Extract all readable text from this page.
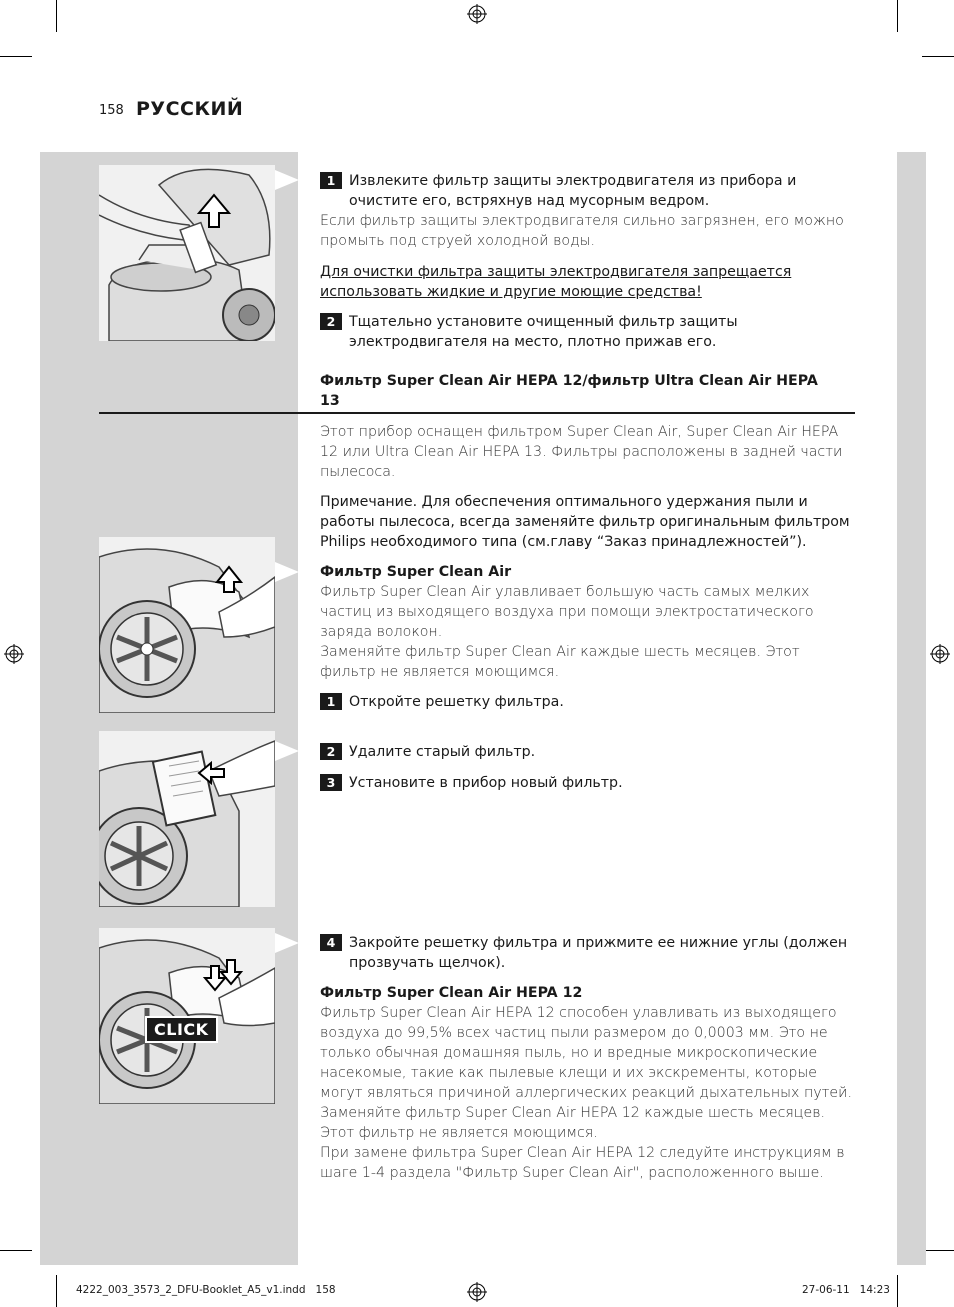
158 РУССКИЙ
1 Извлеките фильтр защиты электродвигателя из прибора и очистите его, встряхнув над мусорным ведром.
Если фильтр защиты электродвигателя сильно загрязнен, его можно промыть под струей холодной воды.
Для очистки фильтра защиты электродвигателя запрещается использовать жидкие и другие моющие средства!
2 Тщательно установите очищенный фильтр защиты электродвигателя на место, плотно прижав его.
Фильтр Super Clean Air HEPA 12/фильтр Ultra Clean Air HEPA 13
Этот прибор оснащен фильтром Super Clean Air, Super Clean Air HEPA 12 или Ultra Clean Air HEPA 13. Фильтры расположены в задней части пылесоса.
Примечание. Для обеспечения оптимального удержания пыли и работы пылесоса, всегда заменяйте фильтр оригинальным фильтром Philips необходимого типа (см.главу “Заказ принадлежностей”).
Фильтр Super Clean Air
Фильтр Super Clean Air улавливает большую часть самых мелких частиц из выходящего воздуха при помощи электростатического заряда волокон.
Заменяйте фильтр Super Clean Air каждые шесть месяцев. Этот фильтр не является моющимся.
1 Откройте решетку фильтра.
2 Удалите старый фильтр.
3 Установите в прибор новый фильтр.
CLICK
4 Закройте решетку фильтра и прижмите ее нижние углы (должен прозвучать щелчок).
Фильтр Super Clean Air HEPA 12
Фильтр Super Clean Air HEPA 12 способен улавливать из выходящего воздуха до 99,5% всех частиц пыли размером до 0,0003 мм. Это не только обычная домашняя пыль, но и вредные микроскопические насекомые, такие как пылевые клещи и их экскременты, которые могут являться причиной аллергических реакций дыхательных путей.
Заменяйте фильтр Super Clean Air HEPA 12 каждые шесть месяцев.
Этот фильтр не является моющимся.
При замене фильтра Super Clean Air HEPA 12 следуйте инструкциям в шаге 1-4 раздела "Фильтр Super Clean Air", расположенного выше.
4222_003_3573_2_DFU-Booklet_A5_v1.indd   158	27-06-11   14:23
